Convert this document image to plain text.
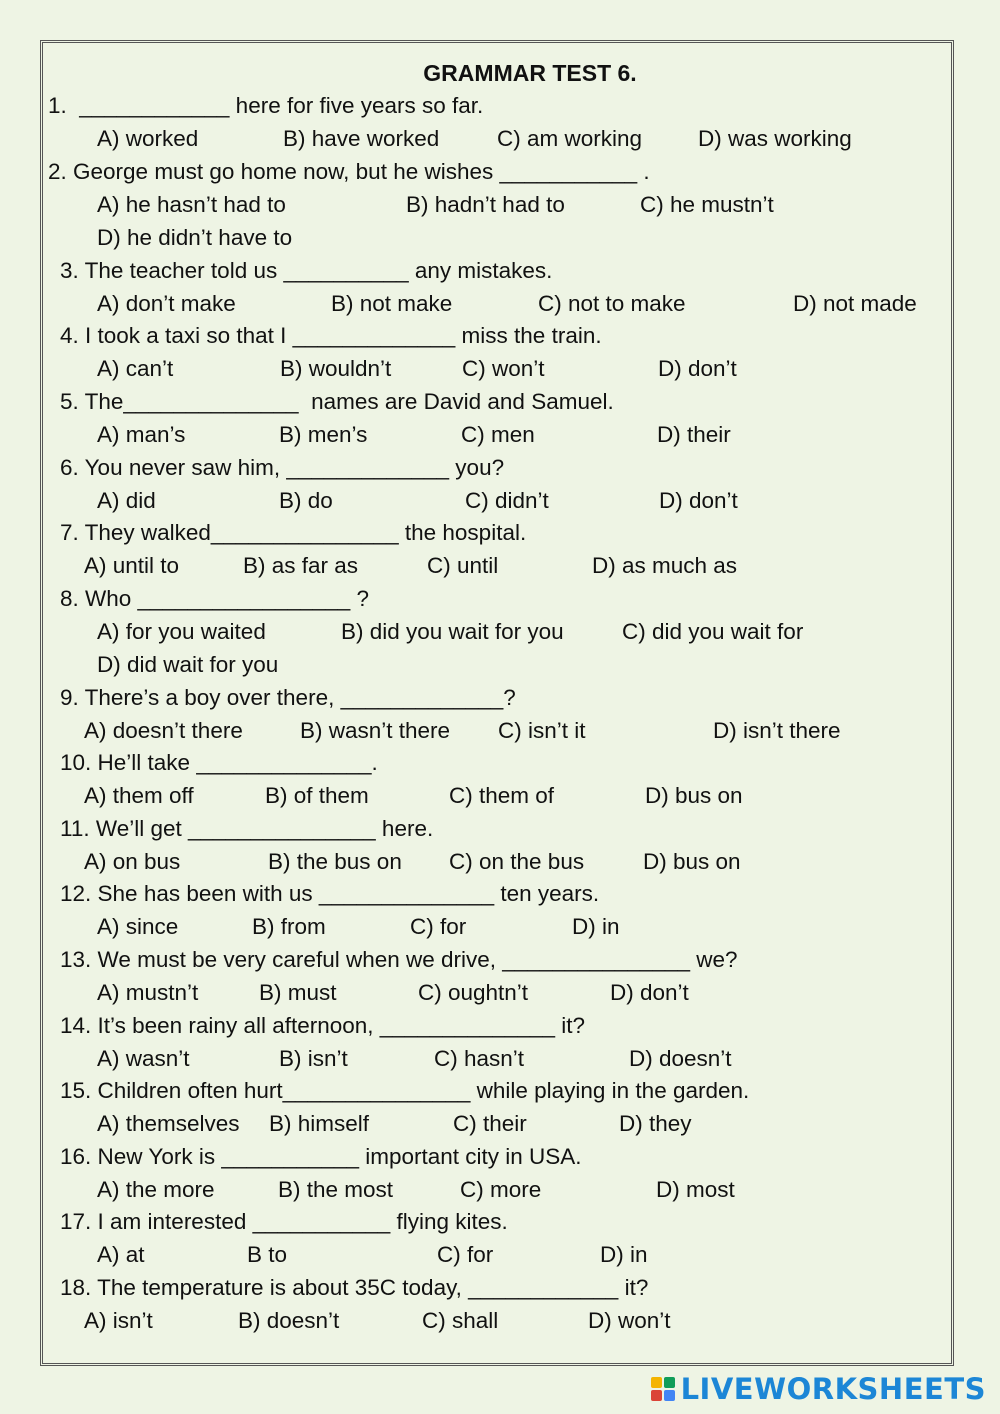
GRAMMAR TEST 6.
1.  ____________ here for five years so far.
A) worked	B) have worked	C) am working D) was working
2. George must go home now, but he wishes ___________ .
A) he hasn’t had to	B) hadn’t had to	C) he mustn’t
D) he didn’t have to
3. The teacher told us __________ any mistakes.
A) don’t make	B) not make	C) not to make	D) not made
4. I took a taxi so that I _____________ miss the train.
A) can’t	B) wouldn’t	C) won’t	D) don’t
5. The______________  names are David and Samuel.
A) man’s	B) men’s	C) men	D) their
6. You never saw him, _____________ you?
A) did	B) do	C) didn’t	D) don’t
7. They walked_______________ the hospital.
A) until to	B) as far as	C) until	D) as much as
8. Who _________________ ?
A) for you waited	B) did you wait for you	C) did you wait for
D) did wait for you
9. There’s a boy over there, _____________?
A) doesn’t there	B) wasn’t there C) isn’t it	D) isn’t there
10. He’ll take ______________.
A) them off	B) of them	C) them of	D) bus on
11. We’ll get _______________ here.
A) on bus	B) the bus on C) on the bus	D) bus on
12. She has been with us ______________ ten years.
A) since	B) from	C) for	D) in
13. We must be very careful when we drive, _______________ we?
A) mustn’t	B) must	C) oughtn’t	D) don’t
14. It’s been rainy all afternoon, ______________ it?
A) wasn’t	B) isn’t	C) hasn’t	D) doesn’t
15. Children often hurt_______________ while playing in the garden.
A) themselves B) himself	C) their	D) they
16. New York is ___________ important city in USA.
A) the more	B) the most	C) more	D) most
17. I am interested ___________ flying kites.
A) at	B to	C) for	D) in
18. The temperature is about 35C today, ____________ it?
A) isn’t	B) doesn’t	C) shall	D) won’t
LIVEWORKSHEETS
